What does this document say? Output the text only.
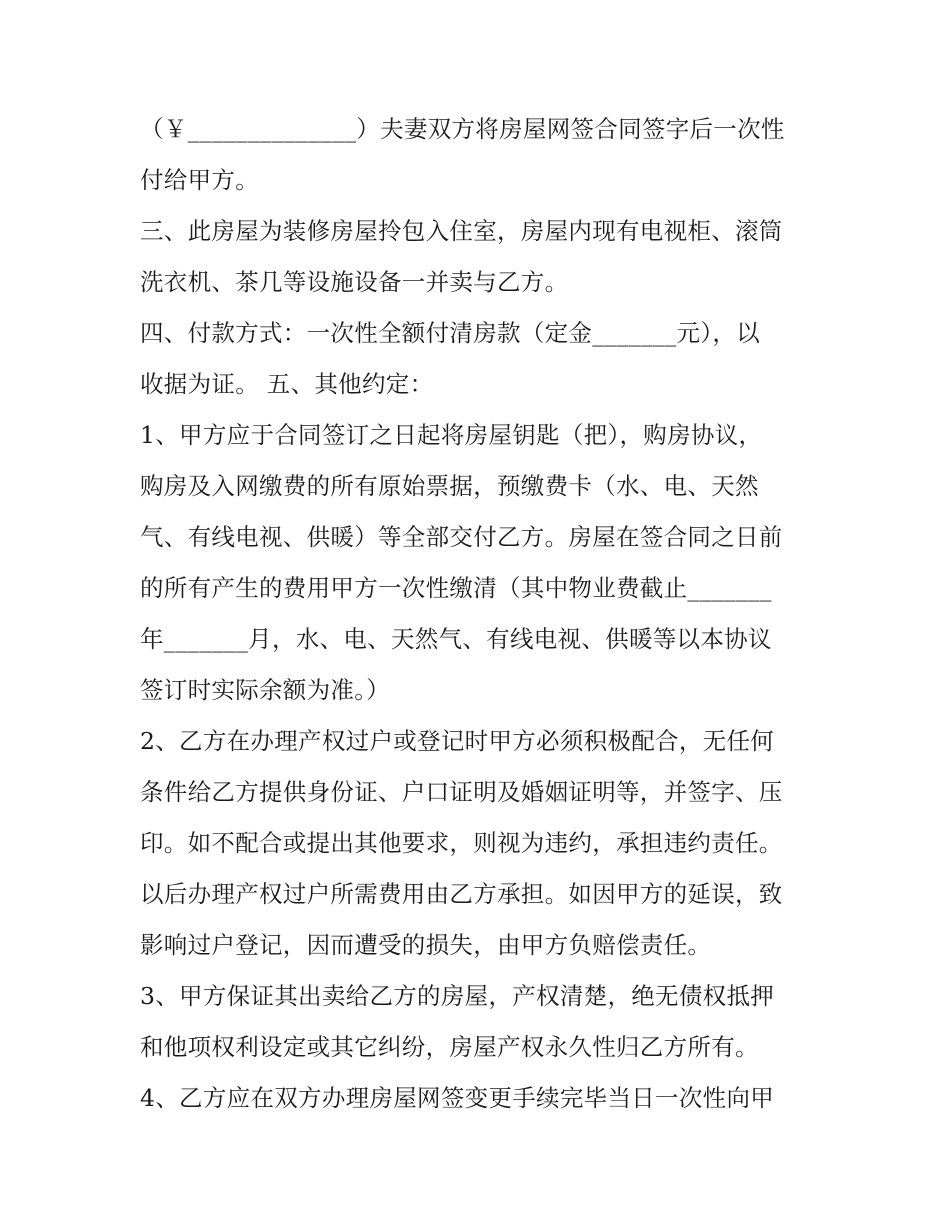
（￥______________）夫妻双方将房屋网签合同签字后一次性
付给甲方。
三、此房屋为装修房屋拎包入住室，房屋内现有电视柜、滚筒
洗衣机、茶几等设施设备一并卖与乙方。
四、付款方式：一次性全额付清房款（定金_______元），以
收据为证。 五、其他约定：
1、甲方应于合同签订之日起将房屋钥匙（把），购房协议，
购房及入网缴费的所有原始票据，预缴费卡（水、电、天然
气、有线电视、供暖）等全部交付乙方。房屋在签合同之日前
的所有产生的费用甲方一次性缴清（其中物业费截止_______
年_______月，水、电、天然气、有线电视、供暖等以本协议
签订时实际余额为准。）
2、乙方在办理产权过户或登记时甲方必须积极配合，无任何
条件给乙方提供身份证、户口证明及婚姻证明等，并签字、压
印。如不配合或提出其他要求，则视为违约，承担违约责任。
以后办理产权过户所需费用由乙方承担。如因甲方的延误，致
影响过户登记，因而遭受的损失，由甲方负赔偿责任。
3、甲方保证其出卖给乙方的房屋，产权清楚，绝无债权抵押
和他项权利设定或其它纠纷，房屋产权永久性归乙方所有。
4、乙方应在双方办理房屋网签变更手续完毕当日一次性向甲
